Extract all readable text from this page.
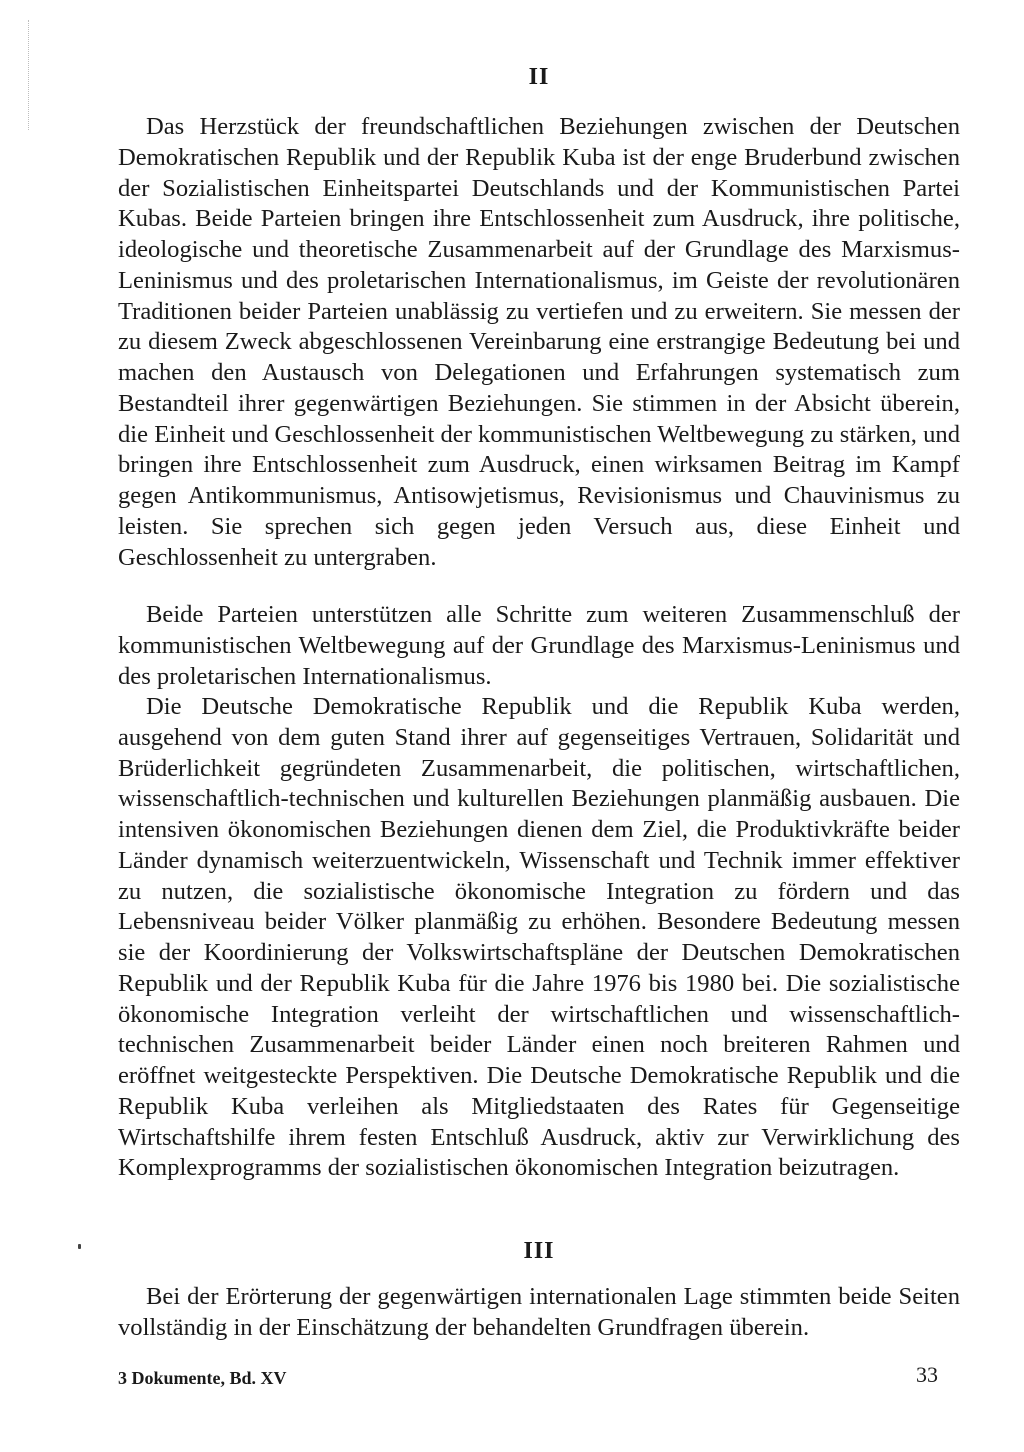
II

Das Herzstück der freundschaftlichen Beziehungen zwischen der Deutschen Demokratischen Republik und der Republik Kuba ist der enge Bruderbund zwischen der Sozialistischen Einheitspartei Deutschlands und der Kommunistischen Partei Kubas. Beide Parteien bringen ihre Entschlossenheit zum Ausdruck, ihre politische, ideologische und theoretische Zusammenarbeit auf der Grundlage des Marxismus-Leninismus und des proletarischen Internationalismus, im Geiste der revolutionären Traditionen beider Parteien unablässig zu vertiefen und zu erweitern. Sie messen der zu diesem Zweck abgeschlossenen Vereinbarung eine erstrangige Bedeutung bei und machen den Austausch von Delegationen und Erfahrungen systematisch zum Bestandteil ihrer gegenwärtigen Beziehungen. Sie stimmen in der Absicht überein, die Einheit und Geschlossenheit der kommunistischen Weltbewegung zu stärken, und bringen ihre Entschlossenheit zum Ausdruck, einen wirksamen Beitrag im Kampf gegen Antikommunismus, Antisowjetismus, Revisionismus und Chauvinismus zu leisten. Sie sprechen sich gegen jeden Versuch aus, diese Einheit und Geschlossenheit zu untergraben.

Beide Parteien unterstützen alle Schritte zum weiteren Zusammenschluß der kommunistischen Weltbewegung auf der Grundlage des Marxismus-Leninismus und des proletarischen Internationalismus.

Die Deutsche Demokratische Republik und die Republik Kuba werden, ausgehend von dem guten Stand ihrer auf gegenseitiges Vertrauen, Solidarität und Brüderlichkeit gegründeten Zusammenarbeit, die politischen, wirtschaftlichen, wissenschaftlich-technischen und kulturellen Beziehungen planmäßig ausbauen. Die intensiven ökonomischen Beziehungen dienen dem Ziel, die Produktivkräfte beider Länder dynamisch weiterzuentwickeln, Wissenschaft und Technik immer effektiver zu nutzen, die sozialistische ökonomische Integration zu fördern und das Lebensniveau beider Völker planmäßig zu erhöhen. Besondere Bedeutung messen sie der Koordinierung der Volkswirtschaftspläne der Deutschen Demokratischen Republik und der Republik Kuba für die Jahre 1976 bis 1980 bei. Die sozialistische ökonomische Integration verleiht der wirtschaftlichen und wissenschaftlich-technischen Zusammenarbeit beider Länder einen noch breiteren Rahmen und eröffnet weitgesteckte Perspektiven. Die Deutsche Demokratische Republik und die Republik Kuba verleihen als Mitgliedstaaten des Rates für Gegenseitige Wirtschaftshilfe ihrem festen Entschluß Ausdruck, aktiv zur Verwirklichung des Komplexprogramms der sozialistischen ökonomischen Integration beizutragen.

III

Bei der Erörterung der gegenwärtigen internationalen Lage stimmten beide Seiten vollständig in der Einschätzung der behandelten Grundfragen überein.

3 Dokumente, Bd. XV	33
